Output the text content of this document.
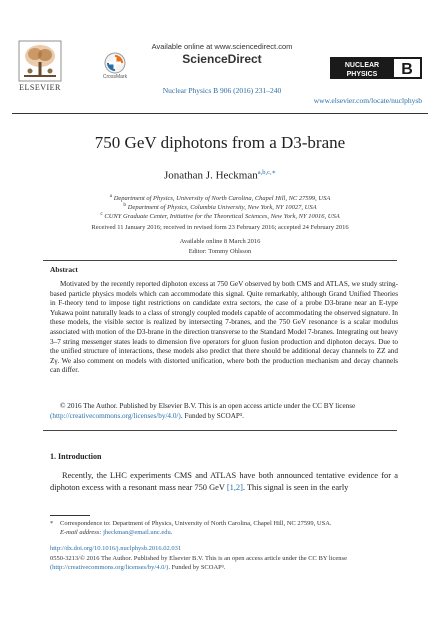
ELSEVIER
CrossMark
Available online at www.sciencedirect.com
ScienceDirect
Nuclear Physics B 906 (2016) 231–240
NUCLEAR
PHYSICS B
www.elsevier.com/locate/nuclphysb
750 GeV diphotons from a D3-brane
Jonathan J. Heckman$^{a,b,c,∗}$
$^a$ Department of Physics, University of North Carolina, Chapel Hill, NC 27599, USA
$^b$ Department of Physics, Columbia University, New York, NY 10027, USA
$^c$ CUNY Graduate Center, Initiative for the Theoretical Sciences, New York, NY 10016, USA
Received 11 January 2016; received in revised form 23 February 2016; accepted 24 February 2016
Available online 8 March 2016
Editor: Tommy Ohlsson
Abstract
Motivated by the recently reported diphoton excess at 750 GeV observed by both CMS and ATLAS, we study string-based particle physics models which can accommodate this signal. Quite remarkably, although Grand Unified Theories in F-theory tend to impose tight restrictions on candidate extra sectors, the case of a probe D3-brane near an E-type Yukawa point naturally leads to a class of strongly coupled models capable of accommodating the observed signature. In these models, the visible sector is realized by intersecting 7-branes, and the 750 GeV resonance is a scalar modulus associated with motion of the D3-brane in the direction transverse to the Standard Model 7-branes. Integrating out heavy 3–7 string messenger states leads to dimension five operators for gluon fusion production and diphoton decays. Due to the unified structure of interactions, these models also predict that there should be additional decay channels to ZZ and Zγ. We also comment on models with distorted unification, where both the production mechanism and decay channels can differ.
© 2016 The Author. Published by Elsevier B.V. This is an open access article under the CC BY license (http://creativecommons.org/licenses/by/4.0/). Funded by SCOAP³.
1. Introduction
Recently, the LHC experiments CMS and ATLAS have both announced tentative evidence for a diphoton excess with a resonant mass near 750 GeV [1,2]. This signal is seen in the early
*	Correspondence to: Department of Physics, University of North Carolina, Chapel Hill, NC 27599, USA.
E-mail address: jheckman@email.unc.edu.
http://dx.doi.org/10.1016/j.nuclphysb.2016.02.031
0550-3213/© 2016 The Author. Published by Elsevier B.V. This is an open access article under the CC BY license (http://creativecommons.org/licenses/by/4.0/). Funded by SCOAP³.
